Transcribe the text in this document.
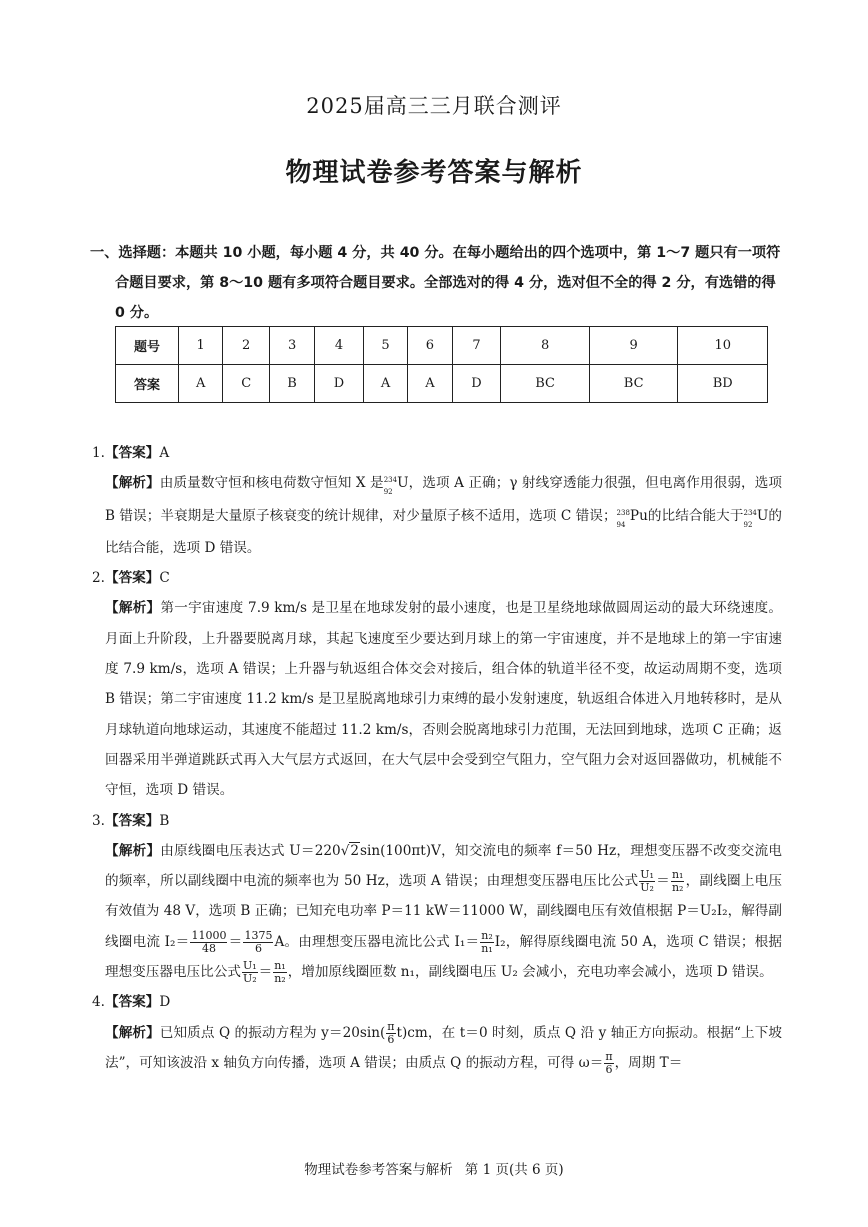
2025届高三三月联合测评
物理试卷参考答案与解析
一、选择题：本题共 10 小题，每小题 4 分，共 40 分。在每小题给出的四个选项中，第 1～7 题只有一项符
合题目要求，第 8～10 题有多项符合题目要求。全部选对的得 4 分，选对但不全的得 2 分，有选错的得 0 分。
题号	1	2	3	4	5	6	7	8	9	10
答案	A	C	B	D	A	A	D	BC	BC	BD
1.【答案】A
【解析】由质量数守恒和核电荷数守恒知 X 是$^{234}$
92
U，选项 A 正确；γ 射线穿透能力很强，但电离作用很弱，选项 B 错误；半衰期是大量原子核衰变的统计规律，对少量原子核不适用，选项 C 错误；$^{238}$
94
Pu的比结合能大于$^{234}$
92
U的比结合能，选项 D 错误。
2.【答案】C
【解析】第一宇宙速度 7.9 km/s 是卫星在地球发射的最小速度，也是卫星绕地球做圆周运动的最大环绕速度。月面上升阶段，上升器要脱离月球，其起飞速度至少要达到月球上的第一宇宙速度，并不是地球上的第一宇宙速度 7.9 km/s，选项 A 错误；上升器与轨返组合体交会对接后，组合体的轨道半径不变，故运动周期不变，选项 B 错误；第二宇宙速度 11.2 km/s 是卫星脱离地球引力束缚的最小发射速度，轨返组合体进入月地转移时，是从月球轨道向地球运动，其速度不能超过 11.2 km/s，否则会脱离地球引力范围，无法回到地球，选项 C 正确；返回器采用半弹道跳跃式再入大气层方式返回，在大气层中会受到空气阻力，空气阻力会对返回器做功，机械能不守恒，选项 D 错误。
3.【答案】B
【解析】由原线圈电压表达式 U＝220√2sin(100πt)V，知交流电的频率 f＝50 Hz，理想变压器不改变交流电的频率，所以副线圈中电流的频率也为 50 Hz，选项 A 错误；由理想变压器电压比公式 $\frac{\text{U₁}}{\text{U₂}} = \frac{\text{n₁}}{\text{n₂}}$ ，副线圈上电压有效值为 48 V，选项 B 正确；已知充电功率 P＝11 kW＝11000 W，副线圈电压有效值根据 P＝U₂I₂，解得副线圈电流 $I_2= \frac{11000}{48} = \frac{1375}{6}$ A。由理想变压器电流比公式 $I_1= \frac{\text{n₂}}{\text{n₁}} I_2$，解得原线圈电流 50 A，选项 C 错误；根据理想变压器电压比公式 $\frac{\text{U₁}}{\text{U₂}} = \frac{\text{n₁}}{\text{n₂}}$ ，增加原线圈匝数 n₁，副线圈电压 U₂ 会减小，充电功率会减小，选项 D 错误。
4.【答案】D
【解析】已知质点 Q 的振动方程为 $y=20\sin( \frac{\pi}{6} t)cm$，在 t＝0 时刻，质点 Q 沿 y 轴正方向振动。根据“上下坡法”，可知该波沿 x 轴负方向传播，选项 A 错误；由质点 Q 的振动方程，可得 $\omega= \frac{\pi}{6}$ ，周期 T＝
物理试卷参考答案与解析 第 1 页(共 6 页)
